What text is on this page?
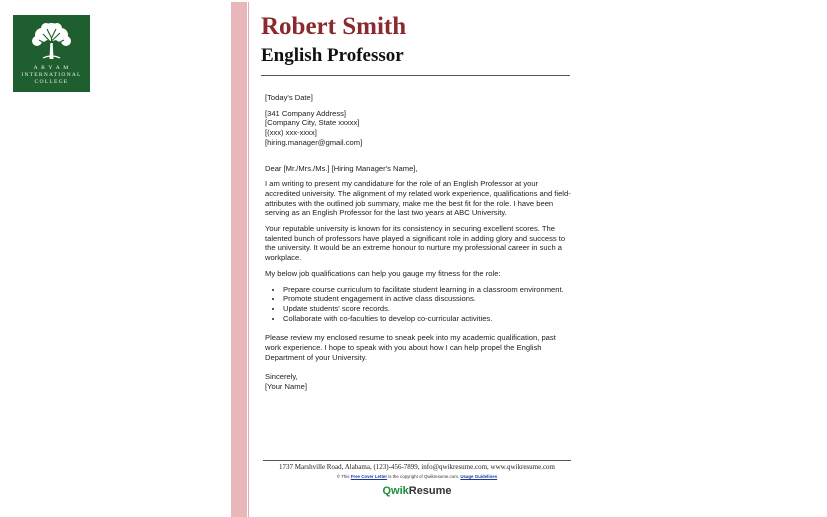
A R Y A M
INTERNATIONAL
COLLEGE
Robert Smith
English Professor

[Today's Date]

[341 Company Address]

[Company City, State xxxxx]

[(xxx) xxx-xxxx]

[hiring.manager@gmail.com]

Dear [Mr./Mrs./Ms.] [Hiring Manager's Name],

I am writing to present my candidature for the role of an English Professor at your accredited university. The alignment of my related work experience, qualifications and field-attributes with the outlined job summary, make me the best fit for the role. I have been serving as an English Professor for the last two years at ABC University.

Your reputable university is known for its consistency in securing excellent scores. The talented bunch of professors have played a significant role in adding glory and success to the university. It would be an extreme honour to nurture my professional career in such a workplace.

My below job qualifications can help you gauge my fitness for the role:

• Prepare course curriculum to facilitate student learning in a classroom environment.
• Promote student engagement in active class discussions.
• Update students' score records.
• Collaborate with co-faculties to develop co-curricular activities.

Please review my enclosed resume to sneak peek into my academic qualification, past work experience. I hope to speak with you about how I can help propel the English Department of your University.

Sincerely,

[Your Name]

1737 Marshville Road, Alabama, (123)-456-7899, info@qwikresume.com, www.qwikresume.com
© This Free Cover Letter is the copyright of Qwikresume.com. Usage Guidelines
QwikResume
